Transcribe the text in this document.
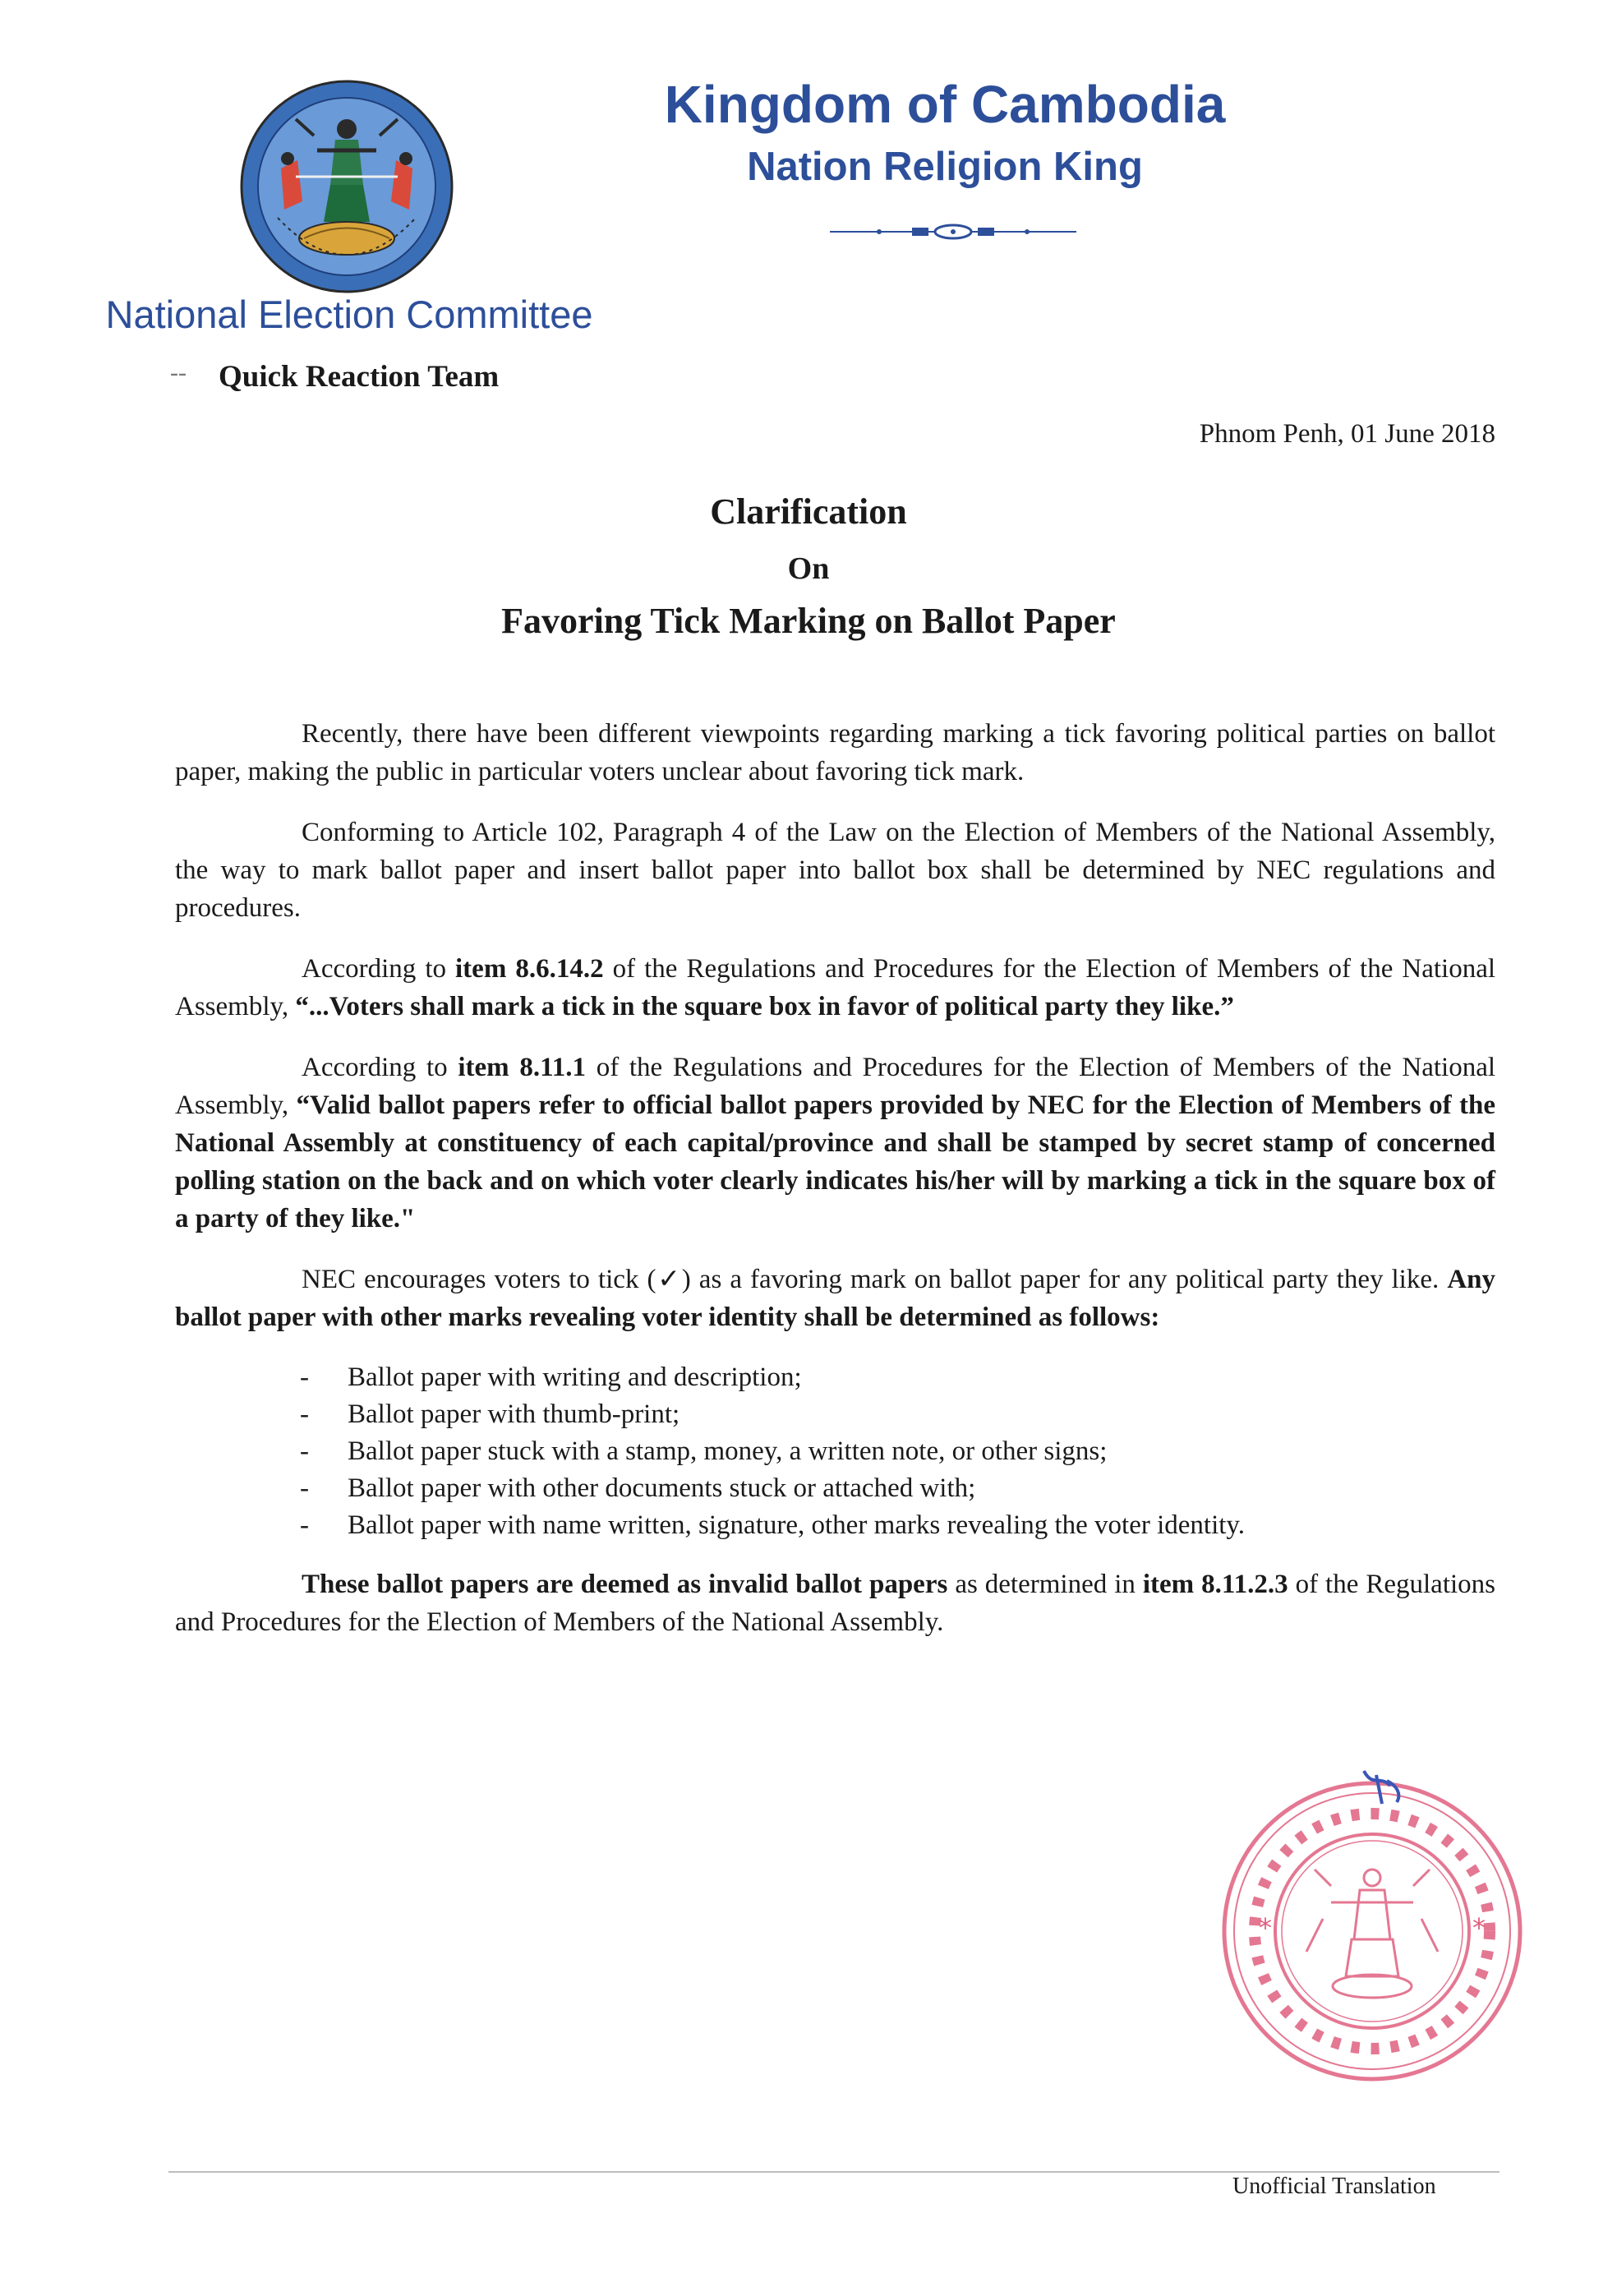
National Election Committee
-- Quick Reaction Team
Kingdom of Cambodia
Nation Religion King
Phnom Penh, 01 June 2018
Clarification
On
Favoring Tick Marking on Ballot Paper

Recently, there have been different viewpoints regarding marking a tick favoring political parties on ballot paper, making the public in particular voters unclear about favoring tick mark.

Conforming to Article 102, Paragraph 4 of the Law on the Election of Members of the National Assembly, the way to mark ballot paper and insert ballot paper into ballot box shall be determined by NEC regulations and procedures.

According to item 8.6.14.2 of the Regulations and Procedures for the Election of Members of the National Assembly, “...Voters shall mark a tick in the square box in favor of political party they like.”

According to item 8.11.1 of the Regulations and Procedures for the Election of Members of the National Assembly, “Valid ballot papers refer to official ballot papers provided by NEC for the Election of Members of the National Assembly at constituency of each capital/province and shall be stamped by secret stamp of concerned polling station on the back and on which voter clearly indicates his/her will by marking a tick in the square box of a party of they like."

NEC encourages voters to tick (✓) as a favoring mark on ballot paper for any political party they like. Any ballot paper with other marks revealing voter identity shall be determined as follows:

- Ballot paper with writing and description;
- Ballot paper with thumb-print;
- Ballot paper stuck with a stamp, money, a written note, or other signs;
- Ballot paper with other documents stuck or attached with;
- Ballot paper with name written, signature, other marks revealing the voter identity.

These ballot papers are deemed as invalid ballot papers as determined in item 8.11.2.3 of the Regulations and Procedures for the Election of Members of the National Assembly.

*	*
Unofficial Translation
